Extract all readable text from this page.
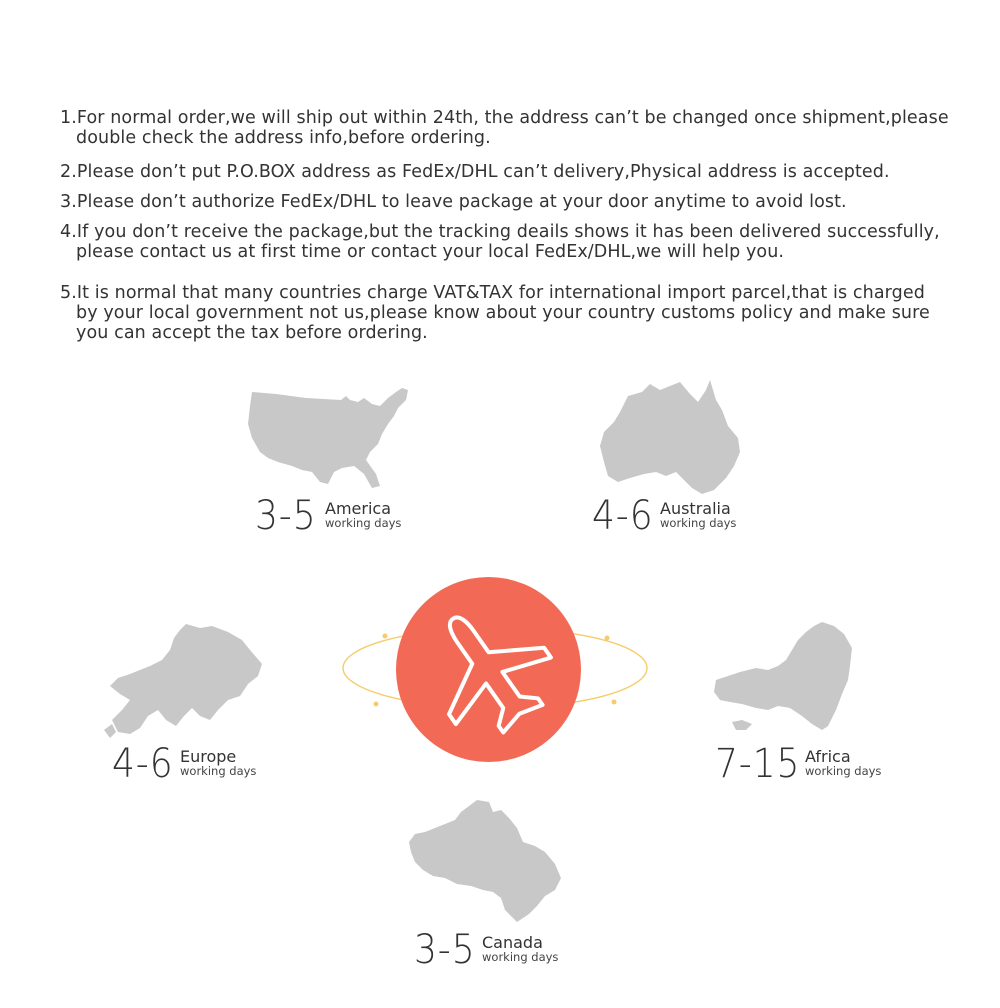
1.For normal order,we will ship out within 24th, the address can’t be changed once shipment,please
double check the address info,before ordering.
2.Please don’t put P.O.BOX address as FedEx/DHL can’t delivery,Physical address is accepted.
3.Please don’t authorize FedEx/DHL to leave package at your door anytime to avoid lost.
4.If you don’t receive the package,but the tracking deails shows it has been delivered successfully,
please contact us at first time or contact your local FedEx/DHL,we will help you.
5.It is normal that many countries charge VAT&TAX for international import parcel,that is charged
by your local government not us,please know about your country customs policy and make sure
you can accept the tax before ordering.
3-5 America
working days	4-6 Australia
working days
4-6 Europe
working days	7-15 Africa
working days
3-5 Canada
working days
